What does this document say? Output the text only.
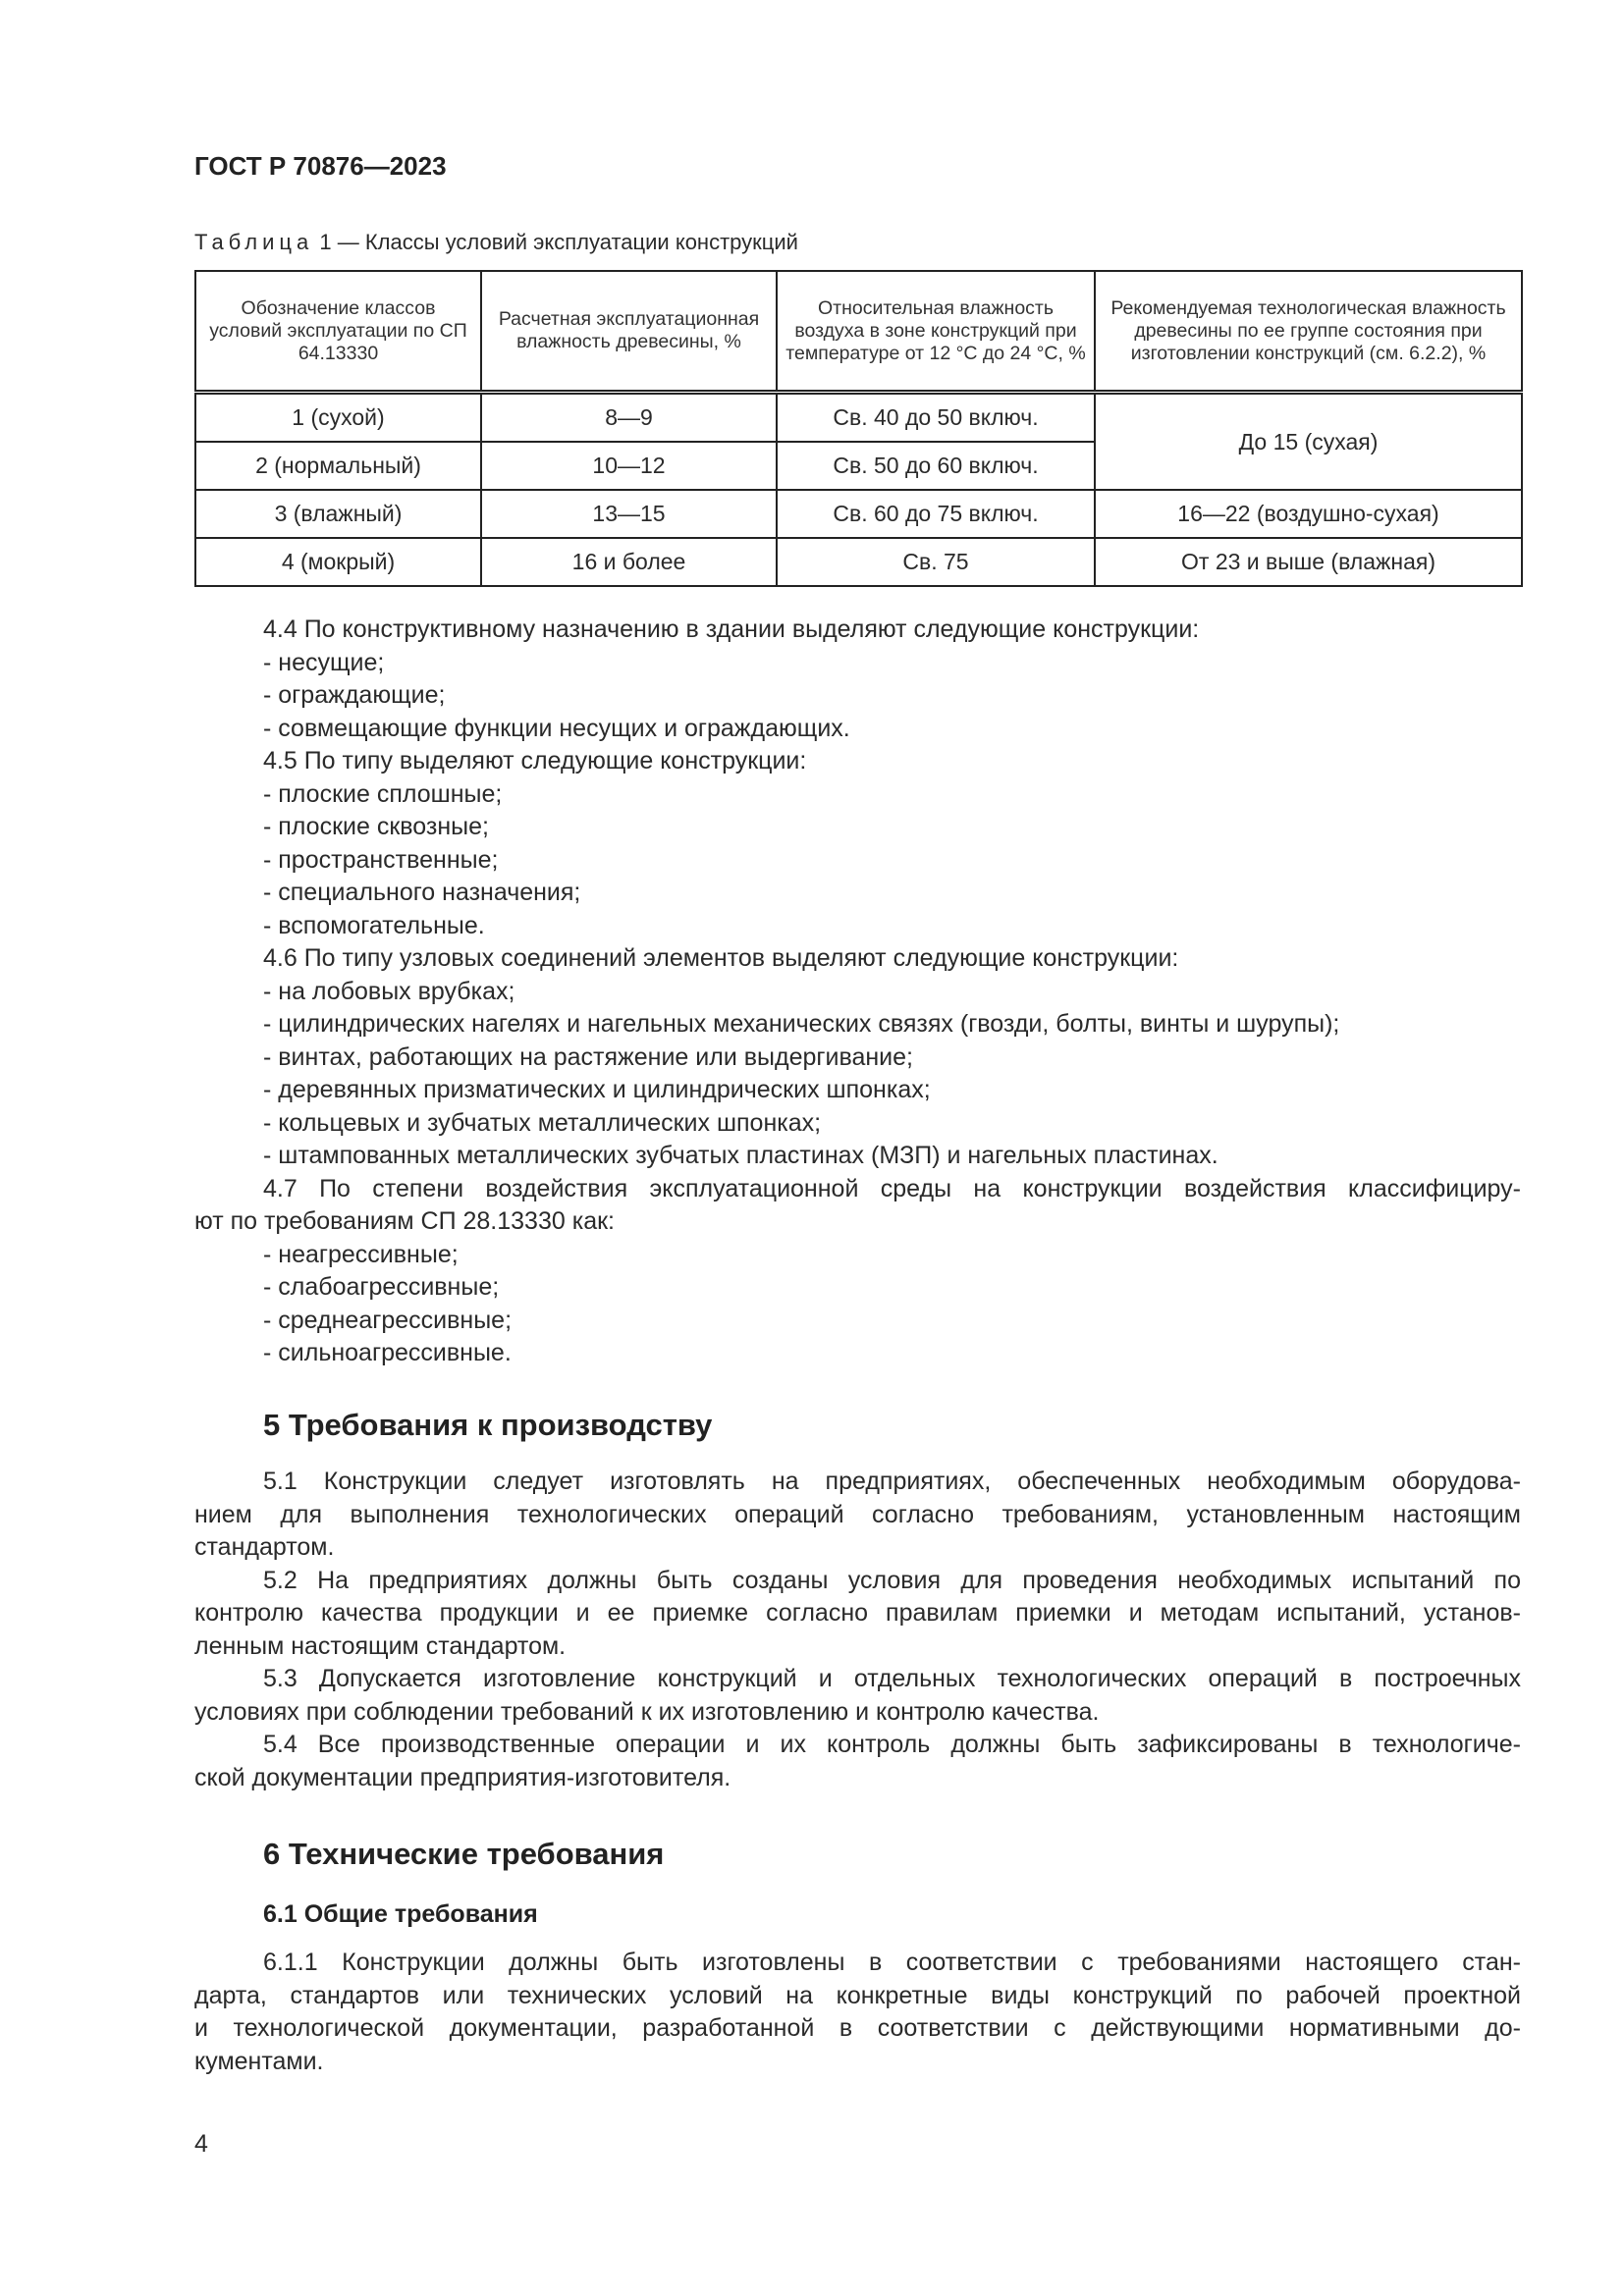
ГОСТ Р 70876—2023
Таблица 1 — Классы условий эксплуатации конструкций
Обозначение классов условий эксплуатации по СП 64.13330	Расчетная эксплуатационная влажность древесины, %	Относительная влажность воздуха в зоне конструкций при температуре от 12 °С до 24 °С, %	Рекомендуемая технологическая влажность древесины по ее группе состояния при изготовлении конструкций (см. 6.2.2), %
1 (сухой)	8—9	Св. 40 до 50 включ.	До 15 (сухая)
2 (нормальный)	10—12	Св. 50 до 60 включ.	
3 (влажный)	13—15	Св. 60 до 75 включ.	16—22 (воздушно-сухая)
4 (мокрый)	16 и более	Св. 75	От 23 и выше (влажная)
4.4 По конструктивному назначению в здании выделяют следующие конструкции:
- несущие;
- ограждающие;
- совмещающие функции несущих и ограждающих.
4.5 По типу выделяют следующие конструкции:
- плоские сплошные;
- плоские сквозные;
- пространственные;
- специального назначения;
- вспомогательные.
4.6 По типу узловых соединений элементов выделяют следующие конструкции:
- на лобовых врубках;
- цилиндрических нагелях и нагельных механических связях (гвозди, болты, винты и шурупы);
- винтах, работающих на растяжение или выдергивание;
- деревянных призматических и цилиндрических шпонках;
- кольцевых и зубчатых металлических шпонках;
- штампованных металлических зубчатых пластинах (МЗП) и нагельных пластинах.
4.7 По степени воздействия эксплуатационной среды на конструкции воздействия классифициру-
ют по требованиям СП 28.13330 как:
- неагрессивные;
- слабоагрессивные;
- среднеагрессивные;
- сильноагрессивные.
5 Требования к производству
5.1 Конструкции следует изготовлять на предприятиях, обеспеченных необходимым оборудова-
нием для выполнения технологических операций согласно требованиям, установленным настоящим
стандартом.
5.2 На предприятиях должны быть созданы условия для проведения необходимых испытаний по
контролю качества продукции и ее приемке согласно правилам приемки и методам испытаний, установ-
ленным настоящим стандартом.
5.3 Допускается изготовление конструкций и отдельных технологических операций в построечных
условиях при соблюдении требований к их изготовлению и контролю качества.
5.4 Все производственные операции и их контроль должны быть зафиксированы в технологиче-
ской документации предприятия-изготовителя.
6 Технические требования
6.1 Общие требования
6.1.1 Конструкции должны быть изготовлены в соответствии с требованиями настоящего стан-
дарта, стандартов или технических условий на конкретные виды конструкций по рабочей проектной
и технологической документации, разработанной в соответствии с действующими нормативными до-
кументами.
4
